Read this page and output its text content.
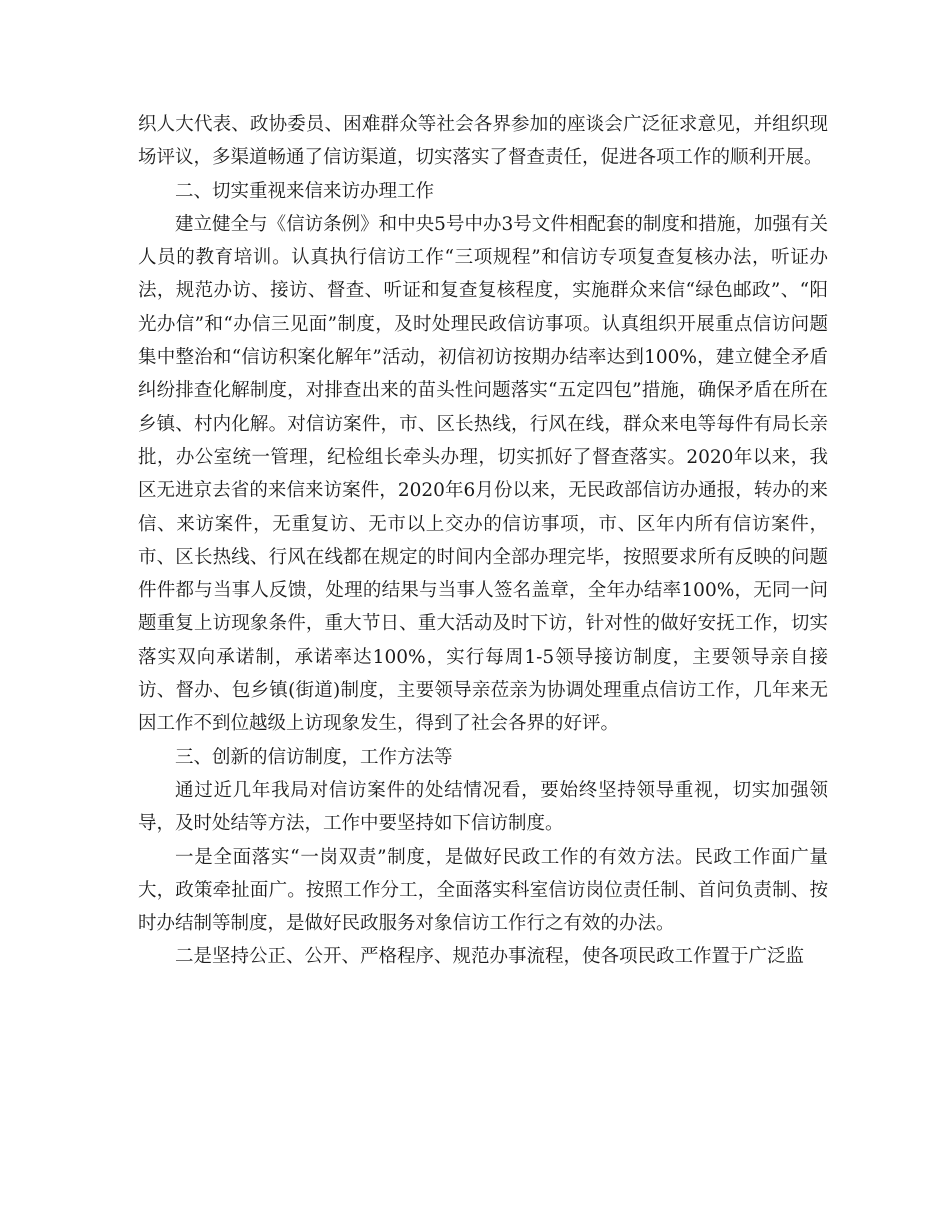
织人大代表、政协委员、困难群众等社会各界参加的座谈会广泛征求意见，并组织现场评议，多渠道畅通了信访渠道，切实落实了督查责任，促进各项工作的顺利开展。

二、切实重视来信来访办理工作

建立健全与《信访条例》和中央5号中办3号文件相配套的制度和措施，加强有关人员的教育培训。认真执行信访工作“三项规程”和信访专项复查复核办法，听证办法，规范办访、接访、督查、听证和复查复核程度，实施群众来信“绿色邮政”、“阳光办信”和“办信三见面”制度，及时处理民政信访事项。认真组织开展重点信访问题集中整治和“信访积案化解年”活动，初信初访按期办结率达到100%，建立健全矛盾纠纷排查化解制度，对排查出来的苗头性问题落实“五定四包”措施，确保矛盾在所在乡镇、村内化解。对信访案件，市、区长热线，行风在线，群众来电等每件有局长亲批，办公室统一管理，纪检组长牵头办理，切实抓好了督查落实。2020年以来，我区无进京去省的来信来访案件，2020年6月份以来，无民政部信访办通报，转办的来信、来访案件，无重复访、无市以上交办的信访事项，市、区年内所有信访案件，市、区长热线、行风在线都在规定的时间内全部办理完毕，按照要求所有反映的问题件件都与当事人反馈，处理的结果与当事人签名盖章，全年办结率100%，无同一问题重复上访现象条件，重大节日、重大活动及时下访，针对性的做好安抚工作，切实落实双向承诺制，承诺率达100%，实行每周1-5领导接访制度，主要领导亲自接访、督办、包乡镇(街道)制度，主要领导亲莅亲为协调处理重点信访工作，几年来无因工作不到位越级上访现象发生，得到了社会各界的好评。

三、创新的信访制度，工作方法等

通过近几年我局对信访案件的处结情况看，要始终坚持领导重视，切实加强领导，及时处结等方法，工作中要坚持如下信访制度。

一是全面落实“一岗双责”制度，是做好民政工作的有效方法。民政工作面广量大，政策牵扯面广。按照工作分工，全面落实科室信访岗位责任制、首问负责制、按时办结制等制度，是做好民政服务对象信访工作行之有效的办法。

二是坚持公正、公开、严格程序、规范办事流程，使各项民政工作置于广泛监
